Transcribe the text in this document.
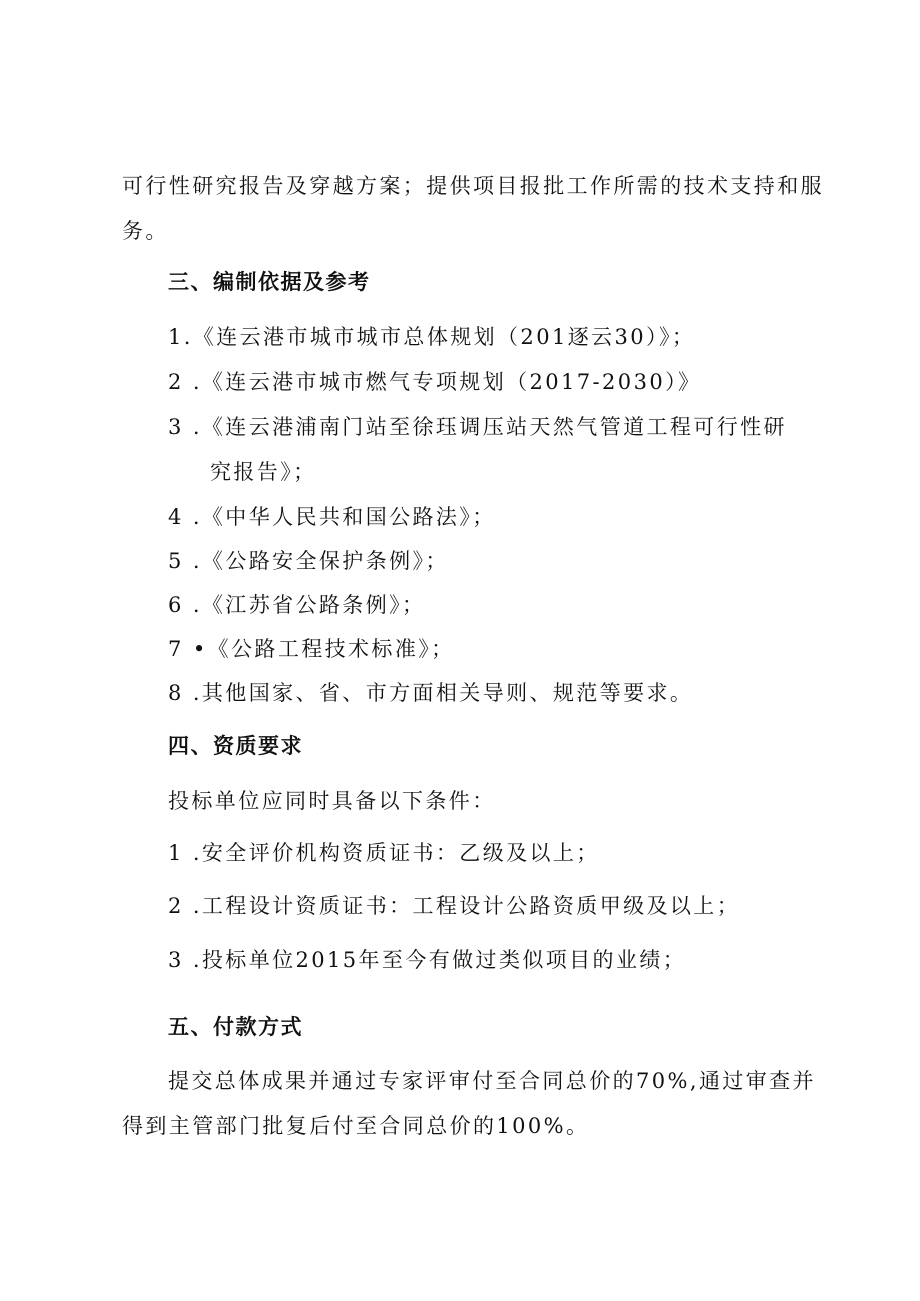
可行性研究报告及穿越方案；提供项目报批工作所需的技术支持和服
务。
三、编制依据及参考
1.《连云港市城市城市总体规划（201逐云30）》；
2 .《连云港市城市燃气专项规划（2017-2030）》
3 .《连云港浦南门站至徐珏调压站天然气管道工程可行性研
究报告》；
4 .《中华人民共和国公路法》；
5 .《公路安全保护条例》；
6 .《江苏省公路条例》；
7 •《公路工程技术标准》；
8 .其他国家、省、市方面相关导则、规范等要求。
四、资质要求
投标单位应同时具备以下条件：
1 .安全评价机构资质证书：乙级及以上；
2 .工程设计资质证书：工程设计公路资质甲级及以上；
3 .投标单位2015年至今有做过类似项目的业绩；
五、付款方式
提交总体成果并通过专家评审付至合同总价的70%,通过审查并
得到主管部门批复后付至合同总价的100%。
